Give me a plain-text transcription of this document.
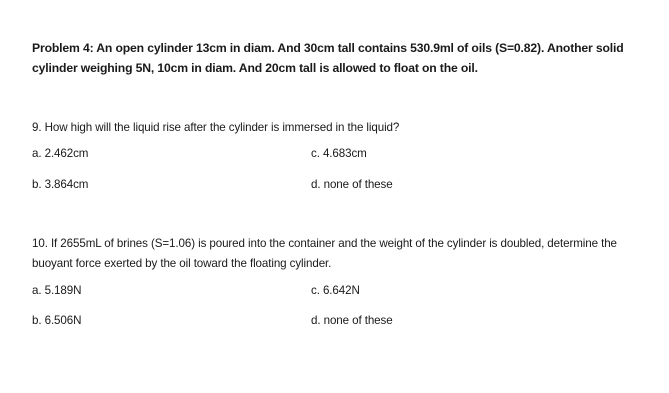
Problem 4: An open cylinder 13cm in diam. And 30cm tall contains 530.9ml of oils (S=0.82). Another solid cylinder weighing 5N, 10cm in diam. And 20cm tall is allowed to float on the oil.
9. How high will the liquid rise after the cylinder is immersed in the liquid?
a. 2.462cm	c. 4.683cm
b. 3.864cm	d. none of these
10. If 2655mL of brines (S=1.06) is poured into the container and the weight of the cylinder is doubled, determine the buoyant force exerted by the oil toward the floating cylinder.
a. 5.189N	c. 6.642N
b. 6.506N	d. none of these
